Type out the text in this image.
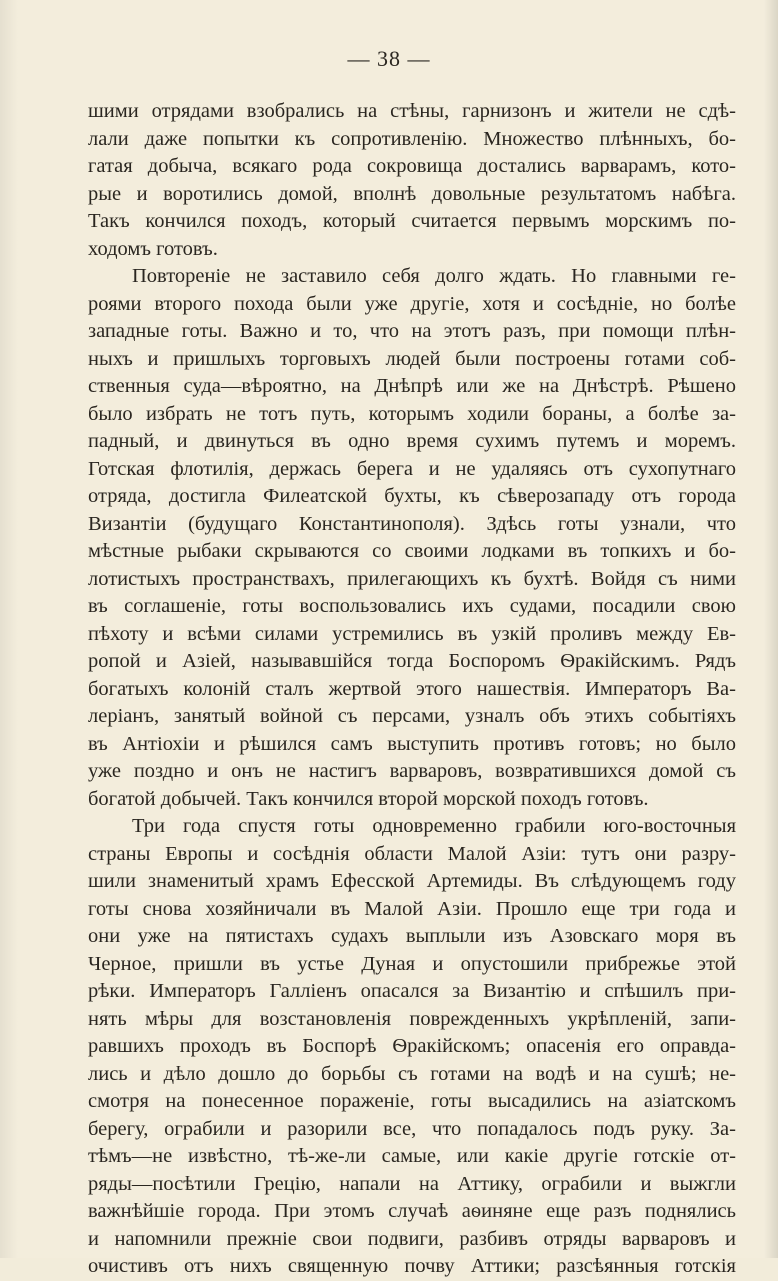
— 38 —
шими отрядами взобрались на стѣны, гарнизонъ и жители не сдѣ-
лали даже попытки къ сопротивленію. Множество плѣнныхъ, бо-
гатая добыча, всякаго рода сокровища достались варварамъ, кото-
рые и воротились домой, вполнѣ довольные результатомъ набѣга.
Такъ кончился походъ, который считается первымъ морскимъ по-
ходомъ готовъ.
Повтореніе не заставило себя долго ждать. Но главными ге-
роями второго похода были уже другіе, хотя и сосѣдніе, но болѣе
западные готы. Важно и то, что на этотъ разъ, при помощи плѣн-
ныхъ и пришлыхъ торговыхъ людей были построены готами соб-
ственныя суда—вѣроятно, на Днѣпрѣ или же на Днѣстрѣ. Рѣшено
было избрать не тотъ путь, которымъ ходили бораны, а болѣе за-
падный, и двинуться въ одно время сухимъ путемъ и моремъ.
Готская флотилія, держась берега и не удаляясь отъ сухопутнаго
отряда, достигла Филеатской бухты, къ сѣверозападу отъ города
Византіи (будущаго Константинополя). Здѣсь готы узнали, что
мѣстные рыбаки скрываются со своими лодками въ топкихъ и бо-
лотистыхъ пространствахъ, прилегающихъ къ бухтѣ. Войдя съ ними
въ соглашеніе, готы воспользовались ихъ судами, посадили свою
пѣхоту и всѣми силами устремились въ узкій проливъ между Ев-
ропой и Азіей, называвшійся тогда Боспоромъ Ѳракійскимъ. Рядъ
богатыхъ колоній сталъ жертвой этого нашествія. Императоръ Ва-
леріанъ, занятый войной съ персами, узналъ объ этихъ событіяхъ
въ Антіохіи и рѣшился самъ выступить противъ готовъ; но было
уже поздно и онъ не настигъ варваровъ, возвратившихся домой съ
богатой добычей. Такъ кончился второй морской походъ готовъ.
Три года спустя готы одновременно грабили юго-восточныя
страны Европы и сосѣднія области Малой Азіи: тутъ они разру-
шили знаменитый храмъ Ефесской Артемиды. Въ слѣдующемъ году
готы снова хозяйничали въ Малой Азіи. Прошло еще три года и
они уже на пятистахъ судахъ выплыли изъ Азовскаго моря въ
Черное, пришли въ устье Дуная и опустошили прибрежье этой
рѣки. Императоръ Галліенъ опасался за Византію и спѣшилъ при-
нять мѣры для возстановленія поврежденныхъ укрѣпленій, запи-
равшихъ проходъ въ Боспорѣ Ѳракійскомъ; опасенія его оправда-
лись и дѣло дошло до борьбы съ готами на водѣ и на сушѣ; не-
смотря на понесенное пораженіе, готы высадились на азіатскомъ
берегу, ограбили и разорили все, что попадалось подъ руку. За-
тѣмъ—не извѣстно, тѣ-же-ли самые, или какіе другіе готскіе от-
ряды—посѣтили Грецію, напали на Аттику, ограбили и выжгли
важнѣйшіе города. При этомъ случаѣ аѳиняне еще разъ поднялись
и напомнили прежніе свои подвиги, разбивъ отряды варваровъ и
очистивъ отъ нихъ священную почву Аттики; разсѣянныя готскія
